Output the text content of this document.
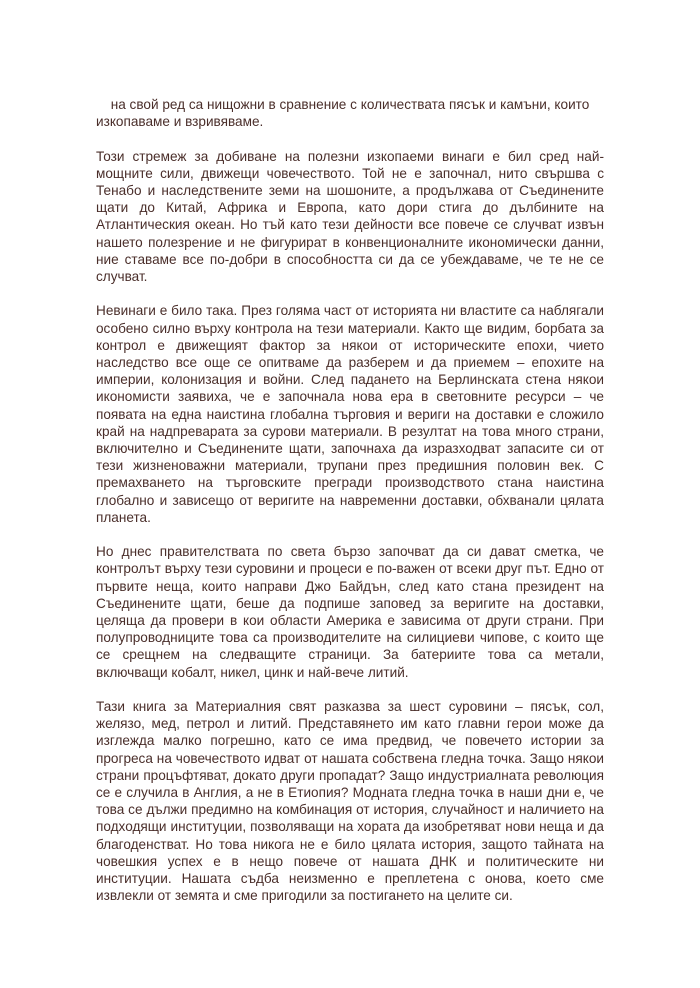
на свой ред са нищожни в сравнение с количествата пясък и камъни, които изкопаваме и взривяваме.

Този стремеж за добиване на полезни изкопаеми винаги е бил сред най-мощните сили, движещи човечеството. Той не е започнал, нито свършва с Тенабо и наследствените земи на шошоните, а продължава от Съединените щати до Китай, Африка и Европа, като дори стига до дълбините на Атлантическия океан. Но тъй като тези дейности все повече се случват извън нашето полезрение и не фигурират в конвенционалните икономически данни, ние ставаме все по-добри в способността си да се убеждаваме, че те не се случват.

Невинаги е било така. През голяма част от историята ни властите са наблягали особено силно върху контрола на тези материали. Както ще видим, борбата за контрол е движещият фактор за някои от историческите епохи, чието наследство все още се опитваме да разберем и да приемем – епохите на империи, колонизация и войни. След падането на Берлинската стена някои икономисти заявиха, че е започнала нова ера в световните ресурси – че появата на една наистина глобална търговия и вериги на доставки е сложило край на надпреварата за сурови материали. В резултат на това много страни, включително и Съединените щати, започнаха да изразходват запасите си от тези жизненоважни материали, трупани през предишния половин век. С премахването на търговските прегради производството стана наистина глобално и зависещо от веригите на навременни доставки, обхванали цялата планета.

Но днес правителствата по света бързо започват да си дават сметка, че контролът върху тези суровини и процеси е по-важен от всеки друг път. Едно от първите неща, които направи Джо Байдън, след като стана президент на Съединените щати, беше да подпише заповед за веригите на доставки, целяща да провери в кои области Америка е зависима от други страни. При полупроводниците това са производителите на силициеви чипове, с които ще се срещнем на следващите страници. За батериите това са метали, включващи кобалт, никел, цинк и най-вече литий.

Тази книга за Материалния свят разказва за шест суровини – пясък, сол, желязо, мед, петрол и литий. Представянето им като главни герои може да изглежда малко погрешно, като се има предвид, че повечето истории за прогреса на човечеството идват от нашата собствена гледна точка. Защо някои страни процъфтяват, докато други пропадат? Защо индустриалната революция се е случила в Англия, а не в Етиопия? Модната гледна точка в наши дни е, че това се дължи предимно на комбинация от история, случайност и наличието на подходящи институции, позволяващи на хората да изобретяват нови неща и да благоденстват. Но това никога не е било цялата история, защото тайната на човешкия успех е в нещо повече от нашата ДНК и политическите ни институции. Нашата съдба неизменно е преплетена с онова, което сме извлекли от земята и сме пригодили за постигането на целите си.
